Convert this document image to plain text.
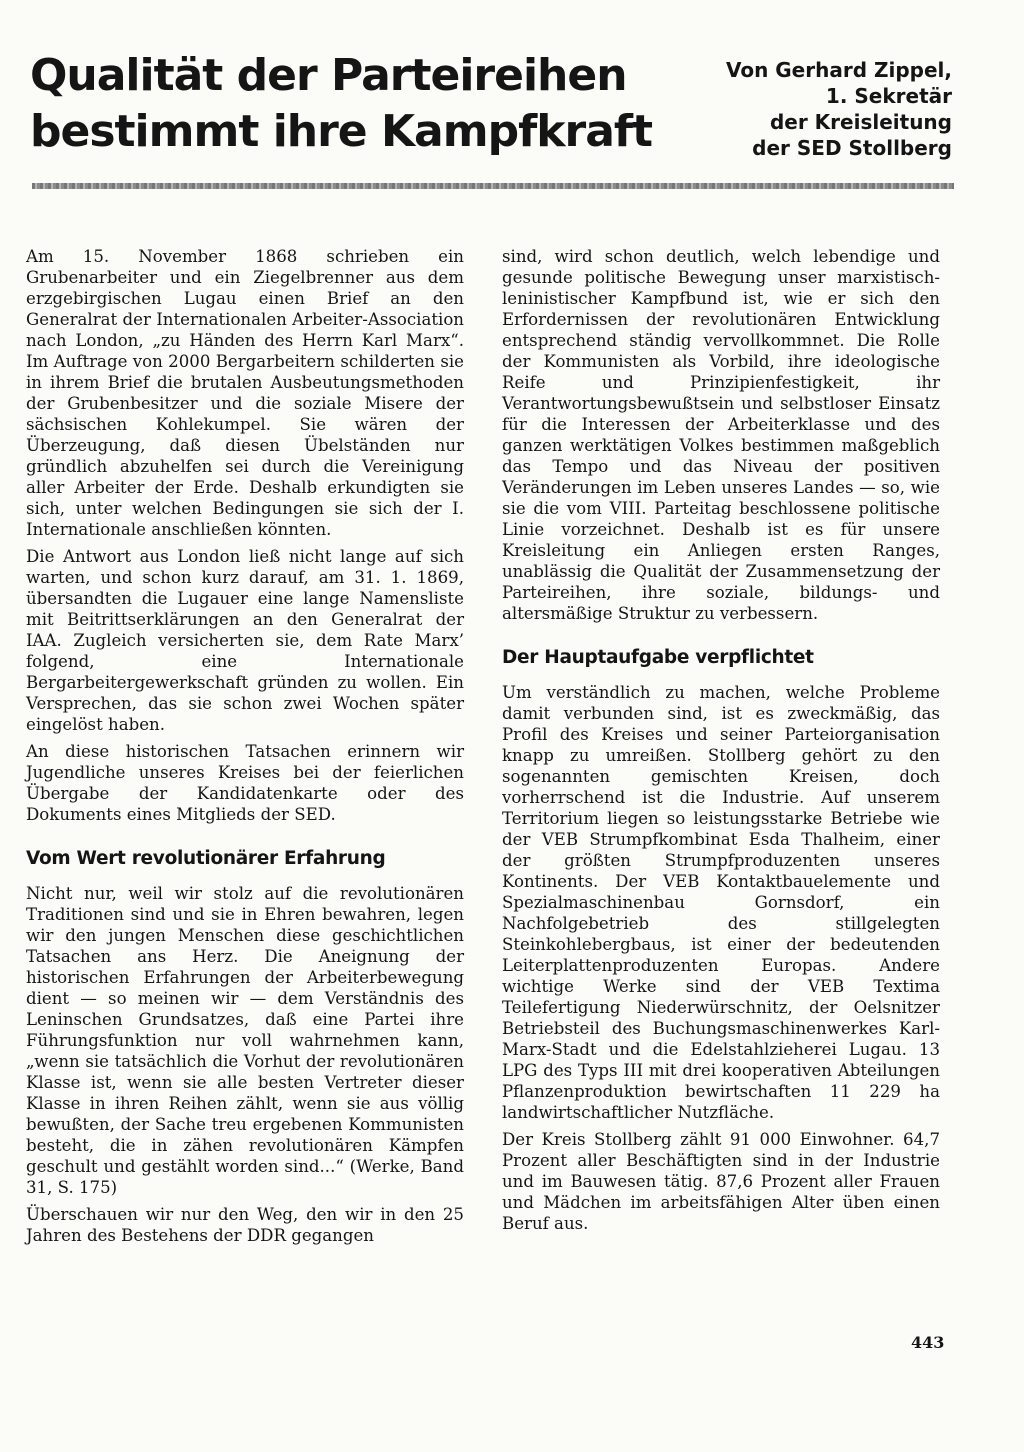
Qualität der Parteireihen
bestimmt ihre Kampfkraft
Von Gerhard Zippel,
1. Sekretär
der Kreisleitung
der SED Stollberg

Am 15. November 1868 schrieben ein Grubenarbeiter und ein Ziegelbrenner aus dem erzgebirgischen Lugau einen Brief an den Generalrat der Internationalen Arbeiter-Association nach London, „zu Händen des Herrn Karl Marx“. Im Auftrage von 2000 Bergarbeitern schilderten sie in ihrem Brief die brutalen Ausbeutungsmethoden der Grubenbesitzer und die soziale Misere der sächsischen Kohlekumpel. Sie wären der Überzeugung, daß diesen Übelständen nur gründlich abzuhelfen sei durch die Vereinigung aller Arbeiter der Erde. Deshalb erkundigten sie sich, unter welchen Bedingungen sie sich der I. Internationale anschließen könnten.

Die Antwort aus London ließ nicht lange auf sich warten, und schon kurz darauf, am 31. 1. 1869, übersandten die Lugauer eine lange Namensliste mit Beitrittserklärungen an den Generalrat der IAA. Zugleich versicherten sie, dem Rate Marx’ folgend, eine Internationale Bergarbeitergewerkschaft gründen zu wollen. Ein Versprechen, das sie schon zwei Wochen später eingelöst haben.

An diese historischen Tatsachen erinnern wir Jugendliche unseres Kreises bei der feierlichen Übergabe der Kandidatenkarte oder des Dokuments eines Mitglieds der SED.

Vom Wert revolutionärer Erfahrung

Nicht nur, weil wir stolz auf die revolutionären Traditionen sind und sie in Ehren bewahren, legen wir den jungen Menschen diese geschichtlichen Tatsachen ans Herz. Die Aneignung der historischen Erfahrungen der Arbeiterbewegung dient — so meinen wir — dem Verständnis des Leninschen Grundsatzes, daß eine Partei ihre Führungsfunktion nur voll wahrnehmen kann, „wenn sie tatsächlich die Vorhut der revolutionären Klasse ist, wenn sie alle besten Vertreter dieser Klasse in ihren Reihen zählt, wenn sie aus völlig bewußten, der Sache treu ergebenen Kommunisten besteht, die in zähen revolutionären Kämpfen geschult und gestählt worden sind...“ (Werke, Band 31, S. 175)

Überschauen wir nur den Weg, den wir in den 25 Jahren des Bestehens der DDR gegangen

sind, wird schon deutlich, welch lebendige und gesunde politische Bewegung unser marxistisch-leninistischer Kampfbund ist, wie er sich den Erfordernissen der revolutionären Entwicklung entsprechend ständig vervollkommnet. Die Rolle der Kommunisten als Vorbild, ihre ideologische Reife und Prinzipienfestigkeit, ihr Verantwortungsbewußtsein und selbstloser Einsatz für die Interessen der Arbeiterklasse und des ganzen werktätigen Volkes bestimmen maßgeblich das Tempo und das Niveau der positiven Veränderungen im Leben unseres Landes — so, wie sie die vom VIII. Parteitag beschlossene politische Linie vorzeichnet. Deshalb ist es für unsere Kreisleitung ein Anliegen ersten Ranges, unablässig die Qualität der Zusammensetzung der Parteireihen, ihre soziale, bildungs- und altersmäßige Struktur zu verbessern.

Der Hauptaufgabe verpflichtet

Um verständlich zu machen, welche Probleme damit verbunden sind, ist es zweckmäßig, das Profil des Kreises und seiner Parteiorganisation knapp zu umreißen. Stollberg gehört zu den sogenannten gemischten Kreisen, doch vorherrschend ist die Industrie. Auf unserem Territorium liegen so leistungsstarke Betriebe wie der VEB Strumpfkombinat Esda Thalheim, einer der größten Strumpfproduzenten unseres Kontinents. Der VEB Kontaktbauelemente und Spezialmaschinenbau Gornsdorf, ein Nachfolgebetrieb des stillgelegten Steinkohlebergbaus, ist einer der bedeutenden Leiterplattenproduzenten Europas. Andere wichtige Werke sind der VEB Textima Teilefertigung Niederwürschnitz, der Oelsnitzer Betriebsteil des Buchungsmaschinenwerkes Karl-Marx-Stadt und die Edelstahlzieherei Lugau. 13 LPG des Typs III mit drei kooperativen Abteilungen Pflanzenproduktion bewirtschaften 11 229 ha landwirtschaftlicher Nutzfläche.

Der Kreis Stollberg zählt 91 000 Einwohner. 64,7 Prozent aller Beschäftigten sind in der Industrie und im Bauwesen tätig. 87,6 Prozent aller Frauen und Mädchen im arbeitsfähigen Alter üben einen Beruf aus.

443
